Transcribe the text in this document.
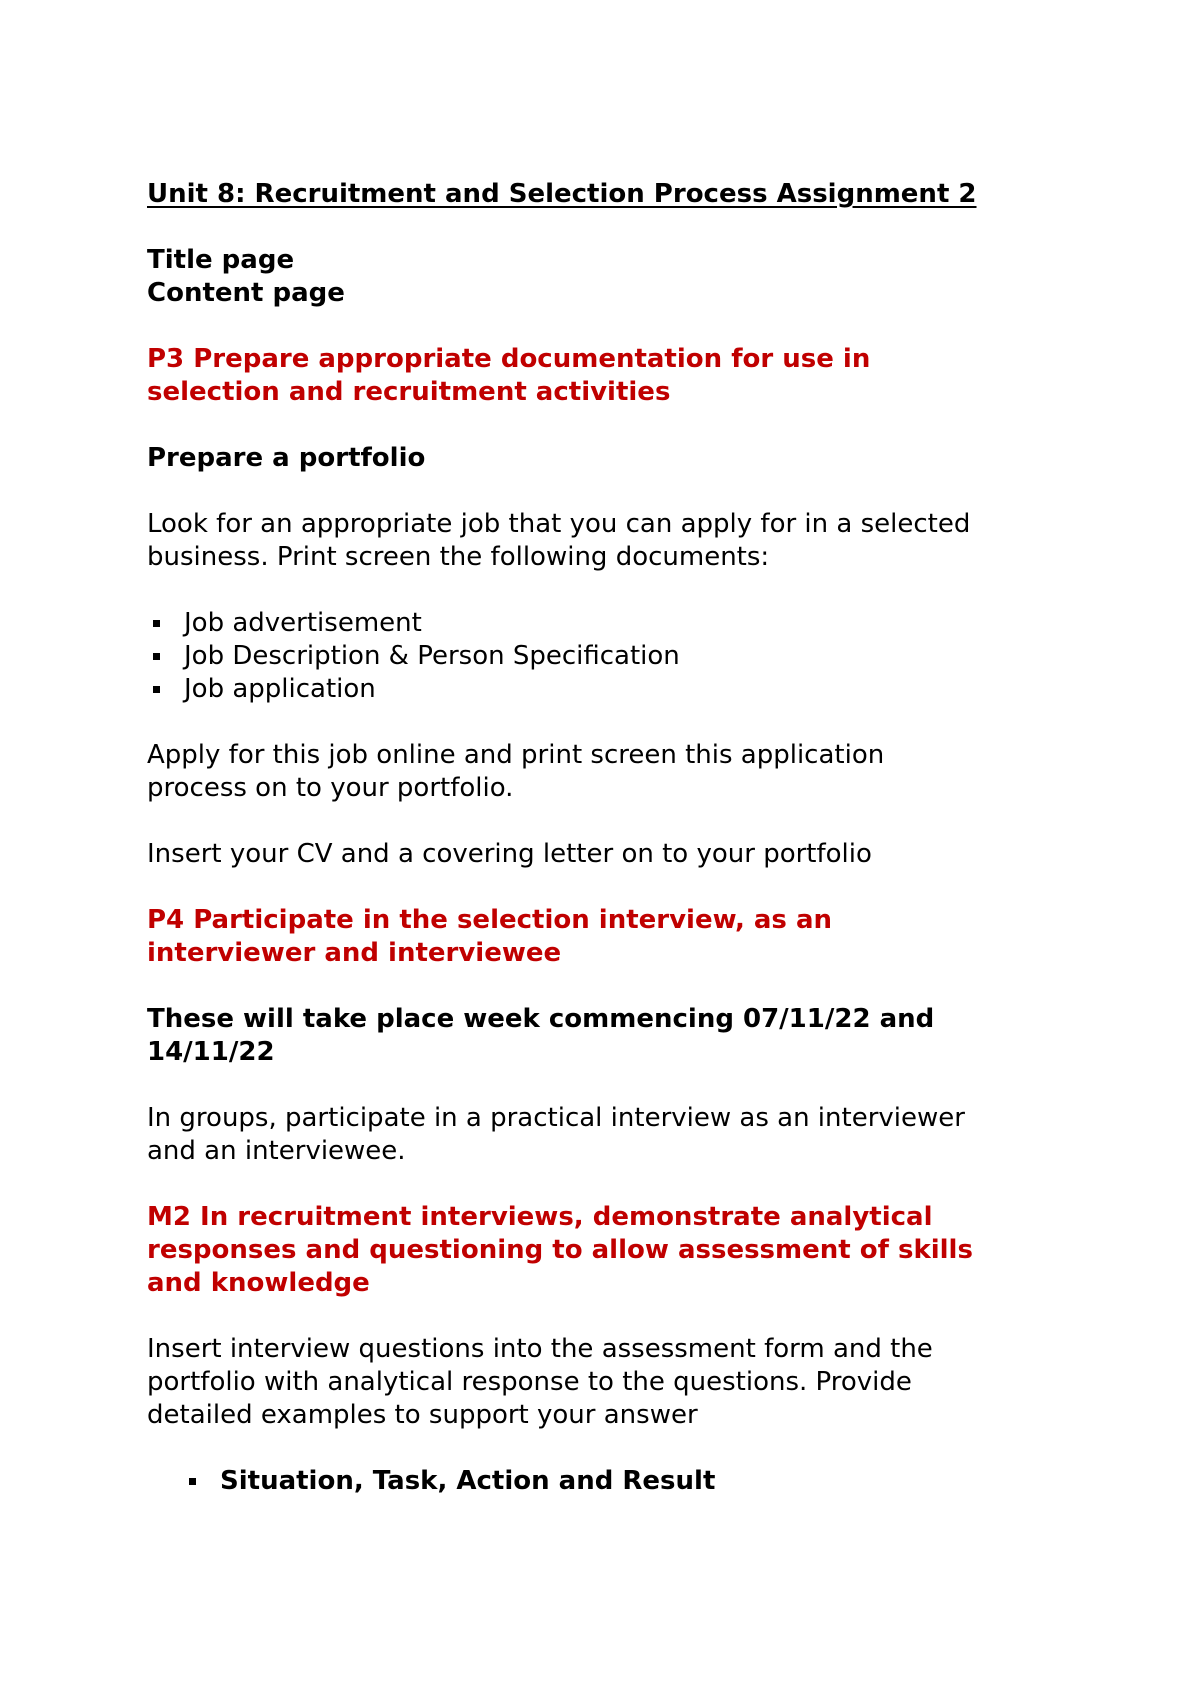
Unit 8: Recruitment and Selection Process Assignment 2

Title page

Content page

P3 Prepare appropriate documentation for use in
selection and recruitment activities
Prepare a portfolio

Look for an appropriate job that you can apply for in a selected
business. Print screen the following documents:

Job advertisement
Job Description & Person Specification
Job application

Apply for this job online and print screen this application
process on to your portfolio.

Insert your CV and a covering letter on to your portfolio

P4 Participate in the selection interview, as an
interviewer and interviewee

These will take place week commencing 07/11/22 and
14/11/22

In groups, participate in a practical interview as an interviewer
and an interviewee.

M2 In recruitment interviews, demonstrate analytical
responses and questioning to allow assessment of skills
and knowledge

Insert interview questions into the assessment form and the
portfolio with analytical response to the questions. Provide
detailed examples to support your answer

Situation, Task, Action and Result
